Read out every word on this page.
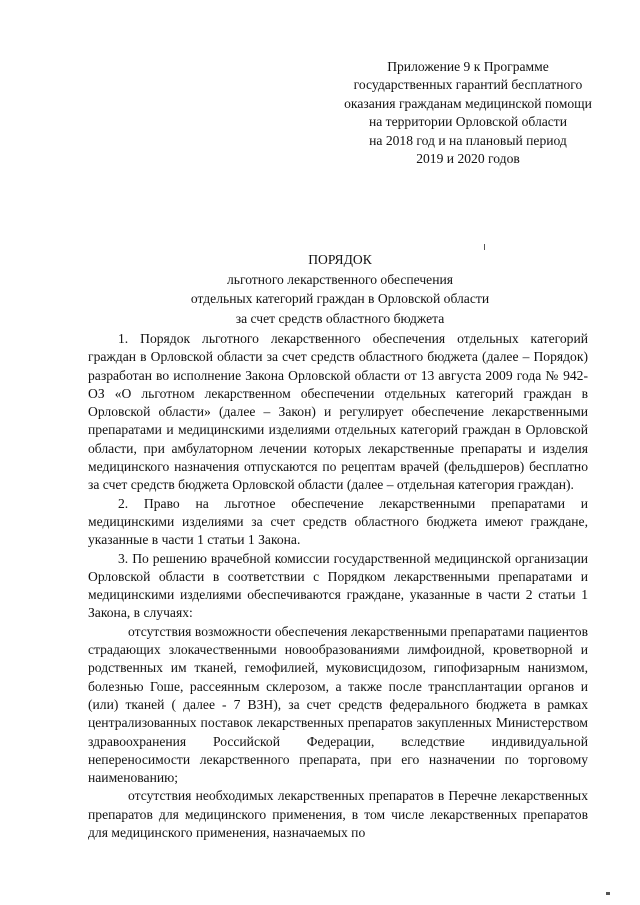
Приложение 9 к Программе
государственных гарантий бесплатного
оказания гражданам медицинской помощи
на территории Орловской области
на 2018 год и на плановый период
2019 и 2020 годов
ПОРЯДОК
льготного лекарственного обеспечения
отдельных категорий граждан в Орловской области
за счет средств областного бюджета

1. Порядок льготного лекарственного обеспечения отдельных категорий граждан в Орловской области за счет средств областного бюджета (далее – Порядок) разработан во исполнение Закона Орловской области от 13 августа 2009 года № 942-ОЗ «О льготном лекарственном обеспечении отдельных категорий граждан в Орловской области» (далее – Закон) и регулирует обеспечение лекарственными препаратами и медицинскими изделиями отдельных категорий граждан в Орловской области, при амбулаторном лечении которых лекарственные препараты и изделия медицинского назначения отпускаются по рецептам врачей (фельдшеров) бесплатно за счет средств бюджета Орловской области (далее – отдельная категория граждан).

2. Право на льготное обеспечение лекарственными препаратами и медицинскими изделиями за счет средств областного бюджета имеют граждане, указанные в части 1 статьи 1 Закона.

3. По решению врачебной комиссии государственной медицинской организации Орловской области в соответствии с Порядком лекарственными препаратами и медицинскими изделиями обеспечиваются граждане, указанные в части 2 статьи 1 Закона, в случаях:

отсутствия возможности обеспечения лекарственными препаратами пациентов страдающих злокачественными новообразованиями лимфоидной, кроветворной и родственных им тканей, гемофилией, муковисцидозом, гипофизарным нанизмом, болезнью Гоше, рассеянным склерозом, а также после трансплантации органов и (или) тканей ( далее - 7 ВЗН), за счет средств федерального бюджета в рамках централизованных поставок лекарственных препаратов закупленных Министерством здравоохранения Российской Федерации, вследствие индивидуальной непереносимости лекарственного препарата, при его назначении по торговому наименованию;

отсутствия необходимых лекарственных препаратов в Перечне лекарственных препаратов для медицинского применения, в том числе лекарственных препаратов для медицинского применения, назначаемых по
